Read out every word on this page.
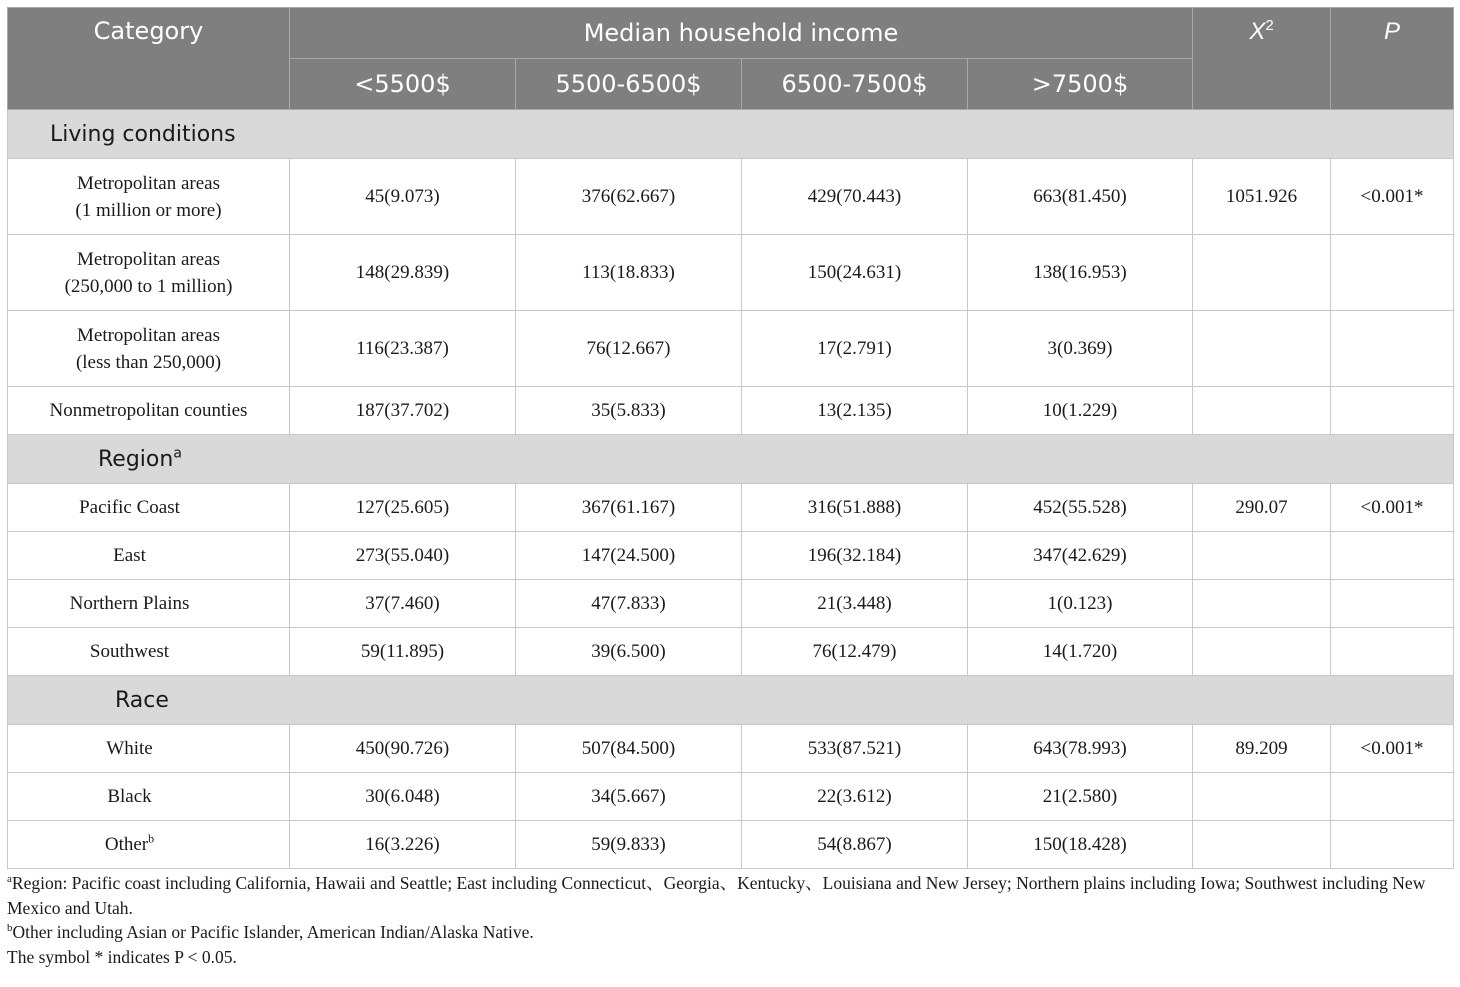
Category	Median household income				$X^2$	P
	<5500$	5500-6500$	6500-7500$	>7500$		
Living conditions						

Metropolitan areas
(1 million or more)	45(9.073)	376(62.667)	429(70.443)	663(81.450)	1051.926	<0.001*

Metropolitan areas
(250,000 to 1 million)	148(29.839)	113(18.833)	150(24.631)	138(16.953)		

Metropolitan areas
(less than 250,000)	116(23.387)	76(12.667)	17(2.791)	3(0.369)		

Nonmetropolitan counties	187(37.702)	35(5.833)	13(2.135)	10(1.229)		
Region$^a$

Pacific Coast	127(25.605)	367(61.167)	316(51.888)	452(55.528)	290.07	<0.001*

East	273(55.040)	147(24.500)	196(32.184)	347(42.629)		

Northern Plains	37(7.460)	47(7.833)	21(3.448)	1(0.123)		

Southwest	59(11.895)	39(6.500)	76(12.479)	14(1.720)		
Race						

White	450(90.726)	507(84.500)	533(87.521)	643(78.993)	89.209	<0.001*

Black	30(6.048)	34(5.667)	22(3.612)	21(2.580)		

Other$^b$	16(3.226)	59(9.833)	54(8.867)	150(18.428)		

$^a$Region: Pacific coast including California, Hawaii and Seattle; East including Connecticut、Georgia、Kentucky、Louisiana and New Jersey; Northern plains including Iowa; Southwest including New Mexico and Utah.

$^b$Other including Asian or Pacific Islander, American Indian/Alaska Native.

The symbol * indicates P < 0.05.
